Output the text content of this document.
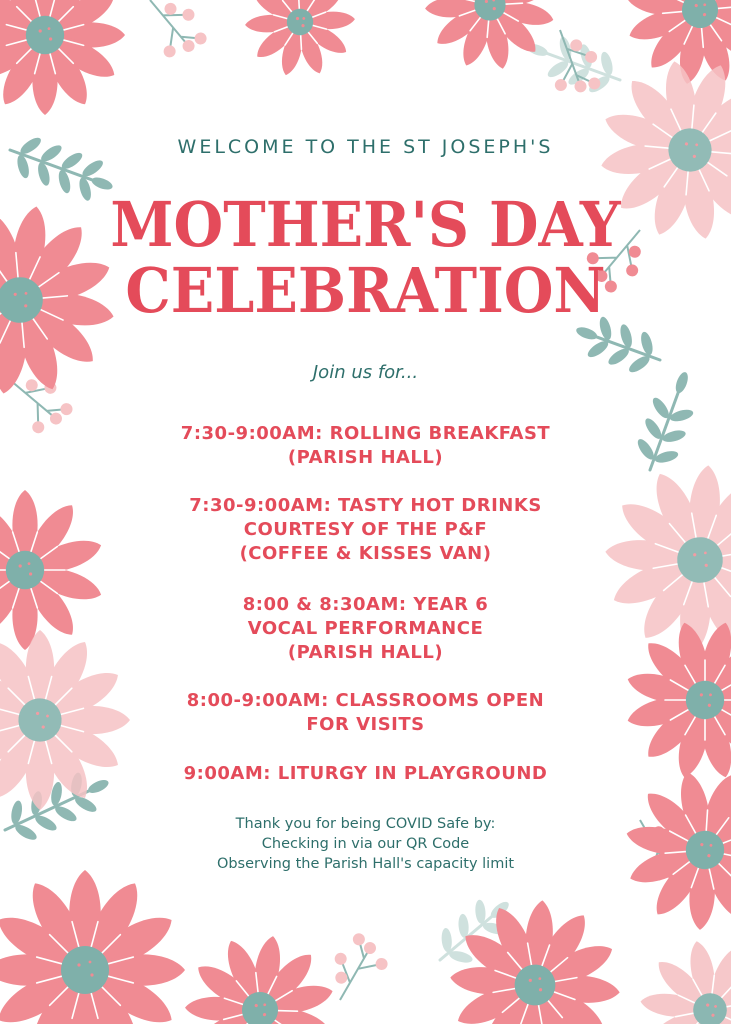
WELCOME TO THE ST JOSEPH'S
MOTHER'S DAY
CELEBRATION
Join us for...
7:30-9:00AM: ROLLING BREAKFAST
(PARISH HALL)
7:30-9:00AM: TASTY HOT DRINKS
COURTESY OF THE P&F
(COFFEE & KISSES VAN)
8:00 & 8:30AM: YEAR 6
VOCAL PERFORMANCE
(PARISH HALL)
8:00-9:00AM: CLASSROOMS OPEN
FOR VISITS
9:00AM: LITURGY IN PLAYGROUND
Thank you for being COVID Safe by:
Checking in via our QR Code
Observing the Parish Hall's capacity limit
